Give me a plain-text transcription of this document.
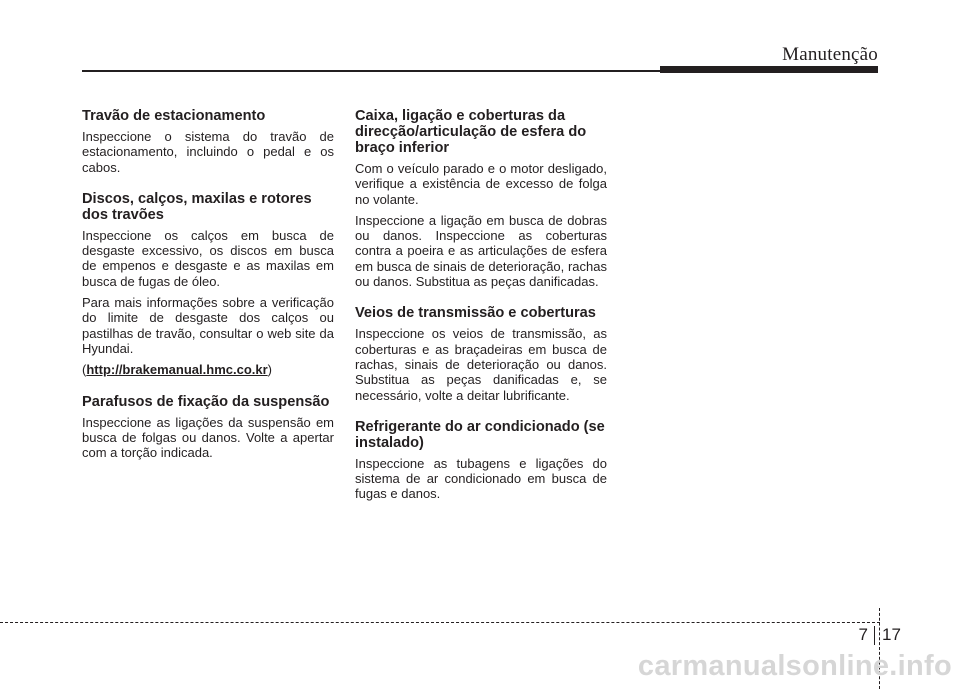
Manutenção
Travão de estacionamento

Inspeccione o sistema do travão de estacionamento, incluindo o pedal e os cabos.

Discos, calços, maxilas e rotores dos travões

Inspeccione os calços em busca de desgaste excessivo, os discos em busca de empenos e desgaste e as maxilas em busca de fugas de óleo.

Para mais informações sobre a verificação do limite de desgaste dos calços ou pastilhas de travão, consultar o web site da Hyundai.

(http://brakemanual.hmc.co.kr)

Parafusos de fixação da suspensão

Inspeccione as ligações da suspensão em busca de folgas ou danos. Volte a apertar com a torção indicada.

Caixa, ligação e coberturas da direcção/articulação de esfera do braço inferior

Com o veículo parado e o motor desligado, verifique a existência de excesso de folga no volante.

Inspeccione a ligação em busca de dobras ou danos. Inspeccione as coberturas contra a poeira e as articulações de esfera em busca de sinais de deterioração, rachas ou danos. Substitua as peças danificadas.

Veios de transmissão e coberturas

Inspeccione os veios de transmissão, as coberturas e as braçadeiras em busca de rachas, sinais de deterioração ou danos. Substitua as peças danificadas e, se necessário, volte a deitar lubrificante.

Refrigerante do ar condicionado (se instalado)

Inspeccione as tubagens e ligações do sistema de ar condicionado em busca de fugas e danos.

7 17
carmanualsonline.info
